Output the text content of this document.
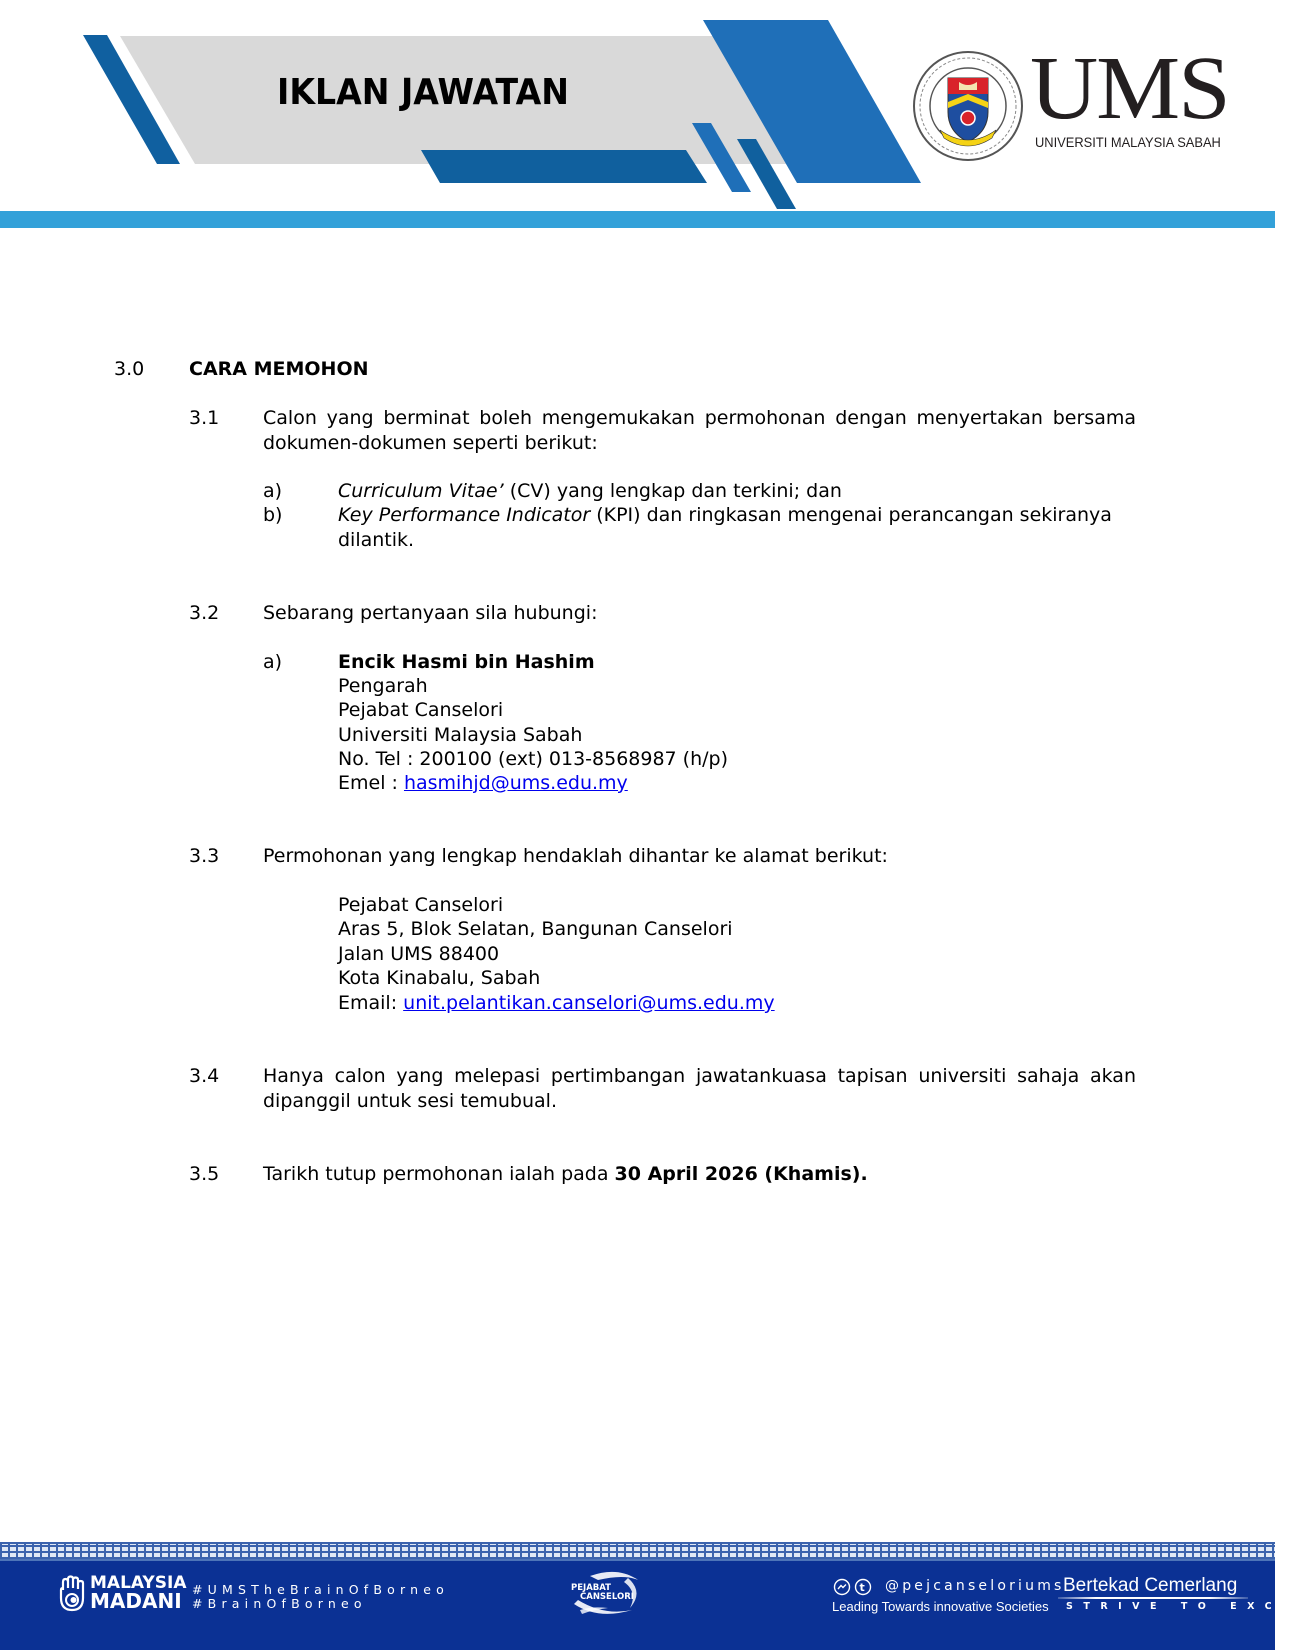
IKLAN JAWATAN	UMS
UNIVERSITI MALAYSIA SABAH
3.0 CARA MEMOHON
3.1 Calon yang berminat boleh mengemukakan permohonan dengan menyertakan bersama
dokumen-dokumen seperti berikut:
a)	Curriculum Vitae’ (CV) yang lengkap dan terkini; dan
b)	Key Performance Indicator (KPI) dan ringkasan mengenai perancangan sekiranya
dilantik.
3.2 Sebarang pertanyaan sila hubungi:
a)	Encik Hasmi bin Hashim
Pengarah
Pejabat Canselori
Universiti Malaysia Sabah
No. Tel : 200100 (ext) 013-8568987 (h/p)
Emel : hasmihjd@ums.edu.my
3.3 Permohonan yang lengkap hendaklah dihantar ke alamat berikut:
Pejabat Canselori
Aras 5, Blok Selatan, Bangunan Canselori
Jalan UMS 88400
Kota Kinabalu, Sabah
Email: unit.pelantikan.canselori@ums.edu.my
3.4 Hanya calon yang melepasi pertimbangan jawatankuasa tapisan universiti sahaja akan
dipanggil untuk sesi temubual.
3.5 Tarikh tutup permohonan ialah pada 30 April 2026 (Khamis).
MALAYSIA
MADANI #UMSTheBrainOfBorneo
#BrainOfBorneo
PEJABAT
CANSELORI
t @pejcanseloriums
Leading Towards innovative Societies
Bertekad Cemerlang
STRIVE TO EXCEL
